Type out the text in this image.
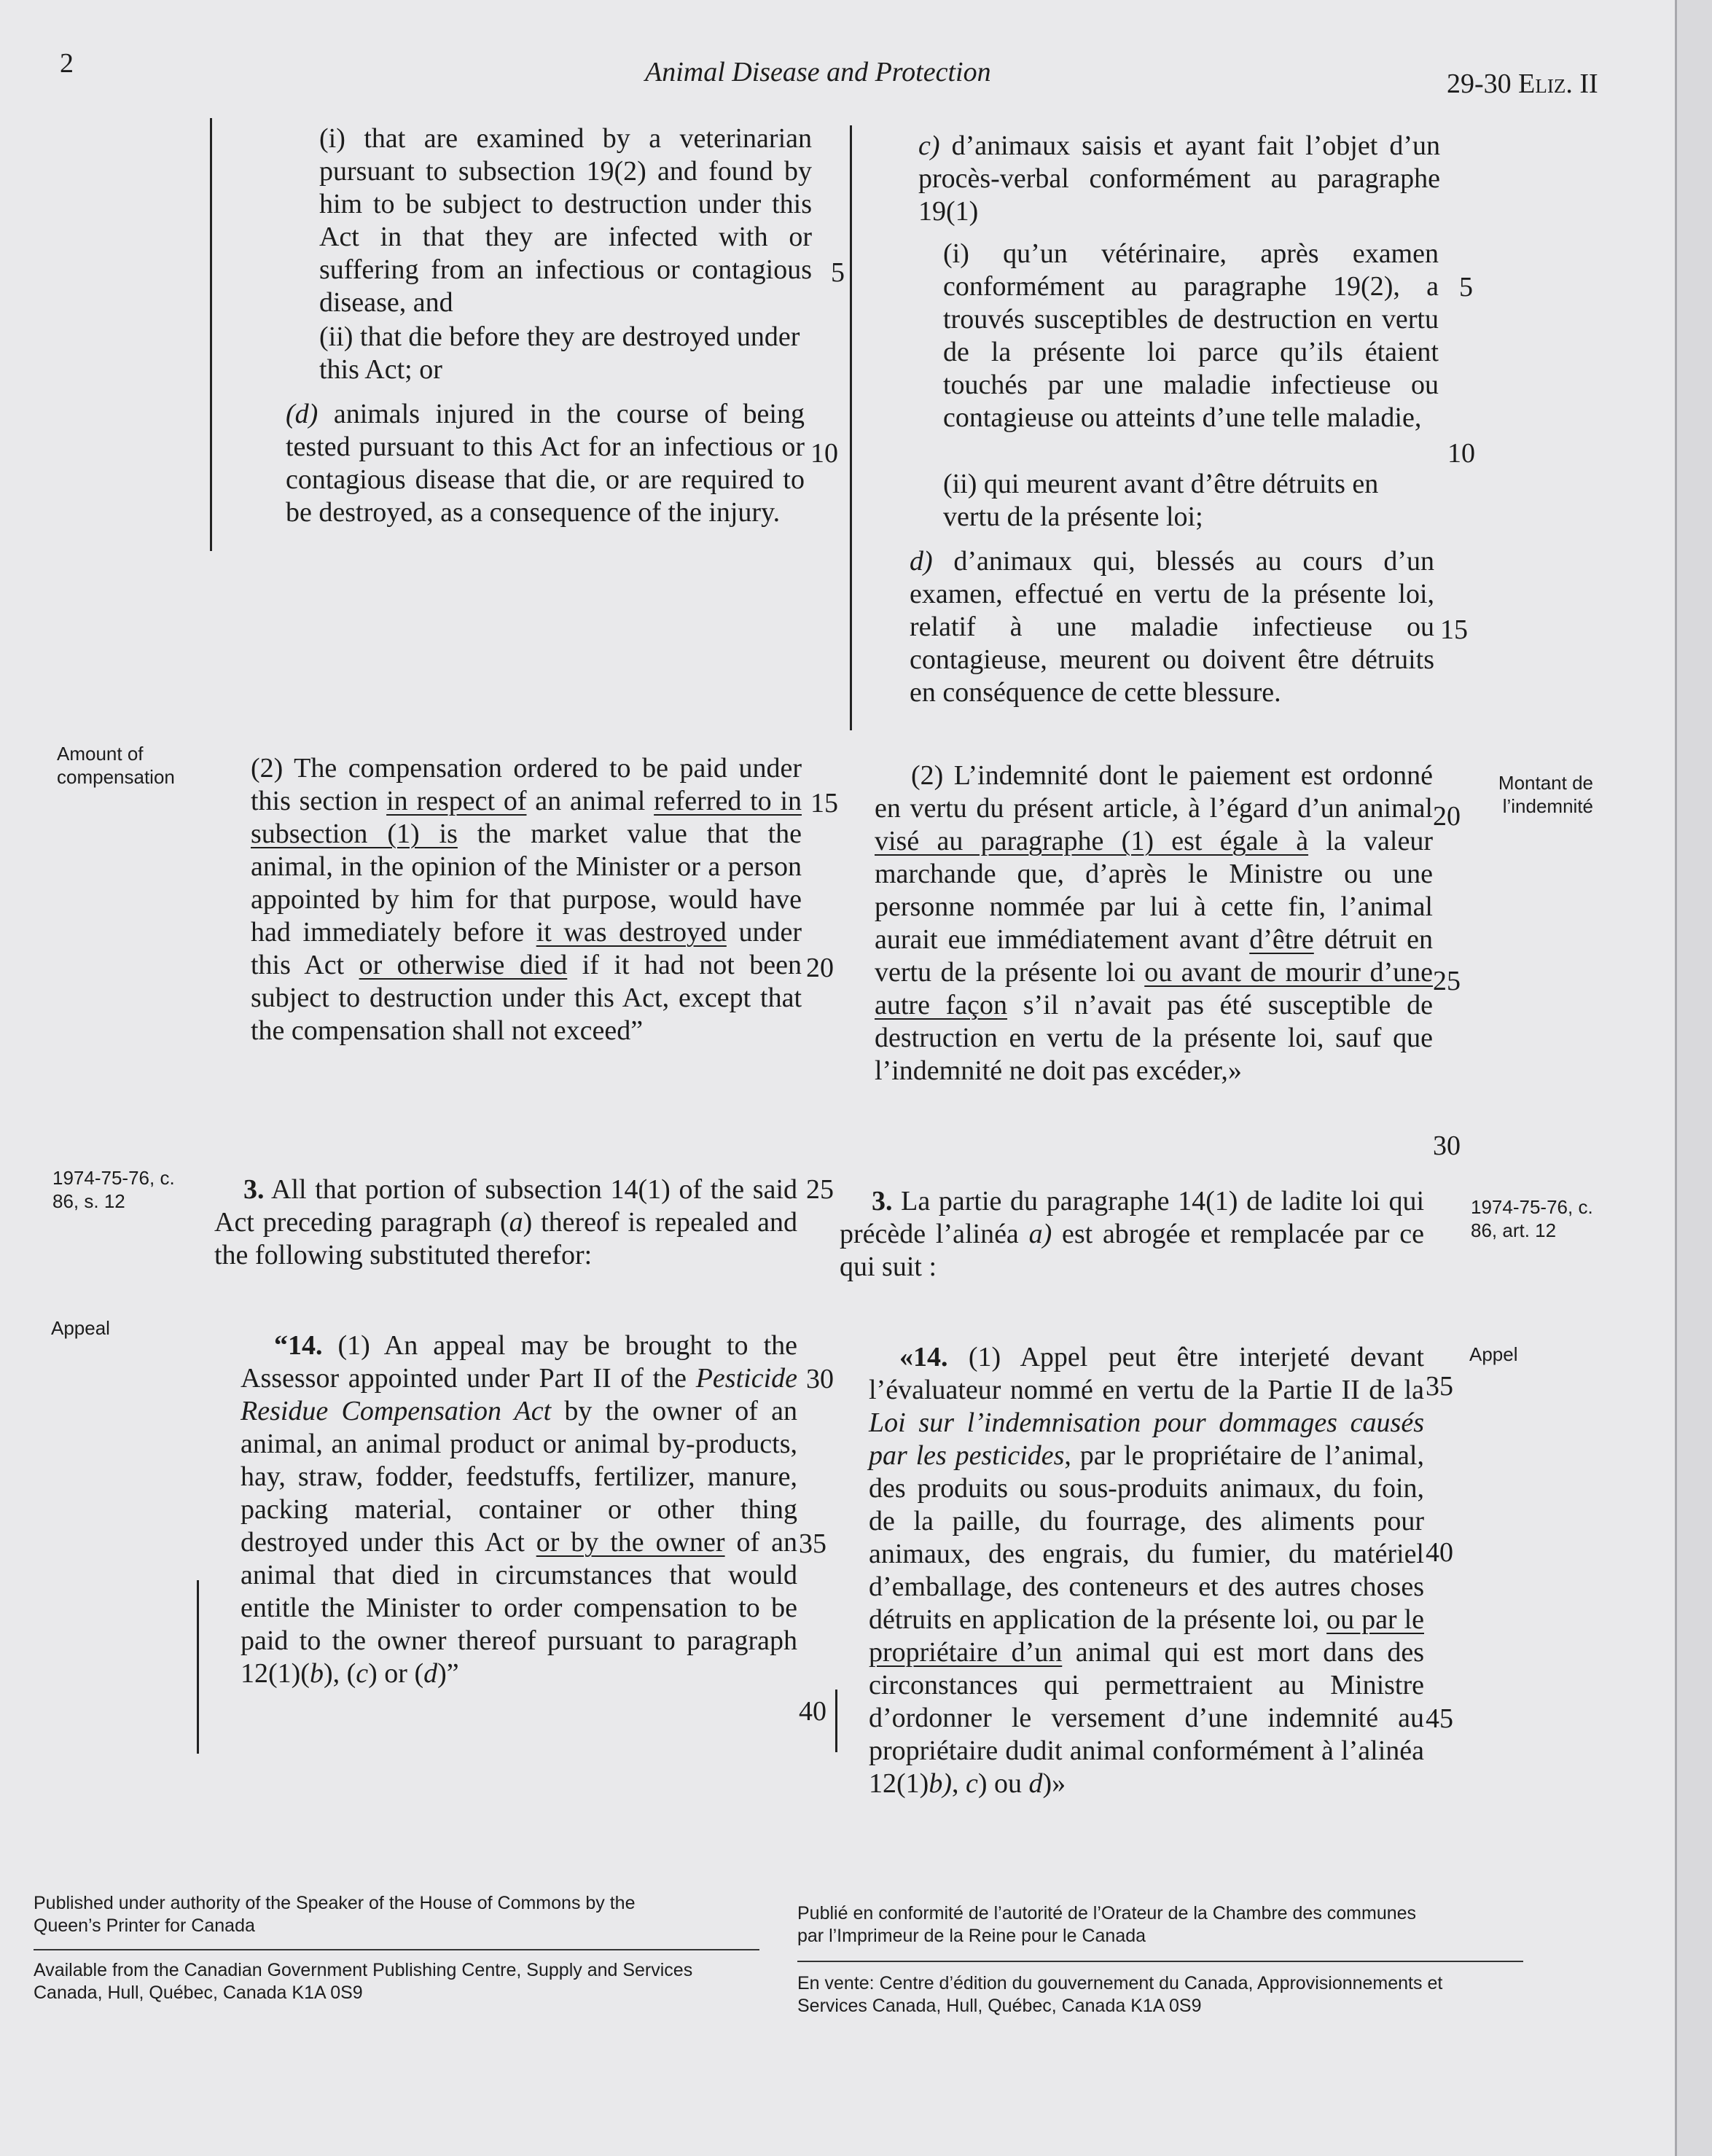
2	Animal Disease and Protection	29-30 Eliz. II

(i) that are examined by a veterinarian pursuant to subsection 19(2) and found by him to be subject to destruction under this Act in that they are infected with or suffering from an infectious or contagious disease, and

(ii) that die before they are destroyed under this Act; or

(d) animals injured in the course of being tested pursuant to this Act for an infectious or contagious disease that die, or are required to be destroyed, as a consequence of the injury.

(2) The compensation ordered to be paid under this section in respect of an animal referred to in subsection (1) is the market value that the animal, in the opinion of the Minister or a person appointed by him for that purpose, would have had immediately before it was destroyed under this Act or otherwise died if it had not been subject to destruction under this Act, except that the compensation shall not exceed”

3. All that portion of subsection 14(1) of the said Act preceding paragraph (a) thereof is repealed and the following substituted therefor:

“14. (1) An appeal may be brought to the Assessor appointed under Part II of the Pesticide Residue Compensation Act by the owner of an animal, an animal product or animal by-products, hay, straw, fodder, feedstuffs, fertilizer, manure, packing material, container or other thing destroyed under this Act or by the owner of an animal that died in circumstances that would entitle the Minister to order compensation to be paid to the owner thereof pursuant to paragraph 12(1)(b), (c) or (d)”

5

10

15

20

25

30

35

40

c) d’animaux saisis et ayant fait l’objet d’un procès-verbal conformément au paragraphe 19(1)

(i) qu’un vétérinaire, après examen conformément au paragraphe 19(2), a trouvés susceptibles de destruction en vertu de la présente loi parce qu’ils étaient touchés par une maladie infectieuse ou contagieuse ou atteints d’une telle maladie,

(ii) qui meurent avant d’être détruits en vertu de la présente loi;

d) d’animaux qui, blessés au cours d’un examen, effectué en vertu de la présente loi, relatif à une maladie infectieuse ou contagieuse, meurent ou doivent être détruits en conséquence de cette blessure.

(2) L’indemnité dont le paiement est ordonné en vertu du présent article, à l’égard d’un animal visé au paragraphe (1) est égale à la valeur marchande que, d’après le Ministre ou une personne nommée par lui à cette fin, l’animal aurait eue immédiatement avant d’être détruit en vertu de la présente loi ou avant de mourir d’une autre façon s’il n’avait pas été susceptible de destruction en vertu de la présente loi, sauf que l’indemnité ne doit pas excéder,»

3. La partie du paragraphe 14(1) de ladite loi qui précède l’alinéa a) est abrogée et remplacée par ce qui suit :

«14. (1) Appel peut être interjeté devant l’évaluateur nommé en vertu de la Partie II de la Loi sur l’indemnisation pour dommages causés par les pesticides, par le propriétaire de l’animal, des produits ou sous-produits animaux, du foin, de la paille, du fourrage, des aliments pour animaux, des engrais, du fumier, du matériel d’emballage, des conteneurs et des autres choses détruits en application de la présente loi, ou par le propriétaire d’un animal qui est mort dans des circonstances qui permettraient au Ministre d’ordonner le versement d’une indemnité au propriétaire dudit animal conformément à l’alinéa 12(1)b), c) ou d)»

5

10

15

20

25

30

35

40

45

Amount of compensation

1974-75-76, c. 86, s. 12

Appeal

Montant de l’indemnité

1974-75-76, c. 86, art. 12

Appel

Published under authority of the Speaker of the House of Commons by the Queen’s Printer for Canada

Available from the Canadian Government Publishing Centre, Supply and Services Canada, Hull, Québec, Canada K1A 0S9

Publié en conformité de l’autorité de l’Orateur de la Chambre des communes par l’Imprimeur de la Reine pour le Canada

En vente: Centre d’édition du gouvernement du Canada, Approvisionnements et Services Canada, Hull, Québec, Canada K1A 0S9
